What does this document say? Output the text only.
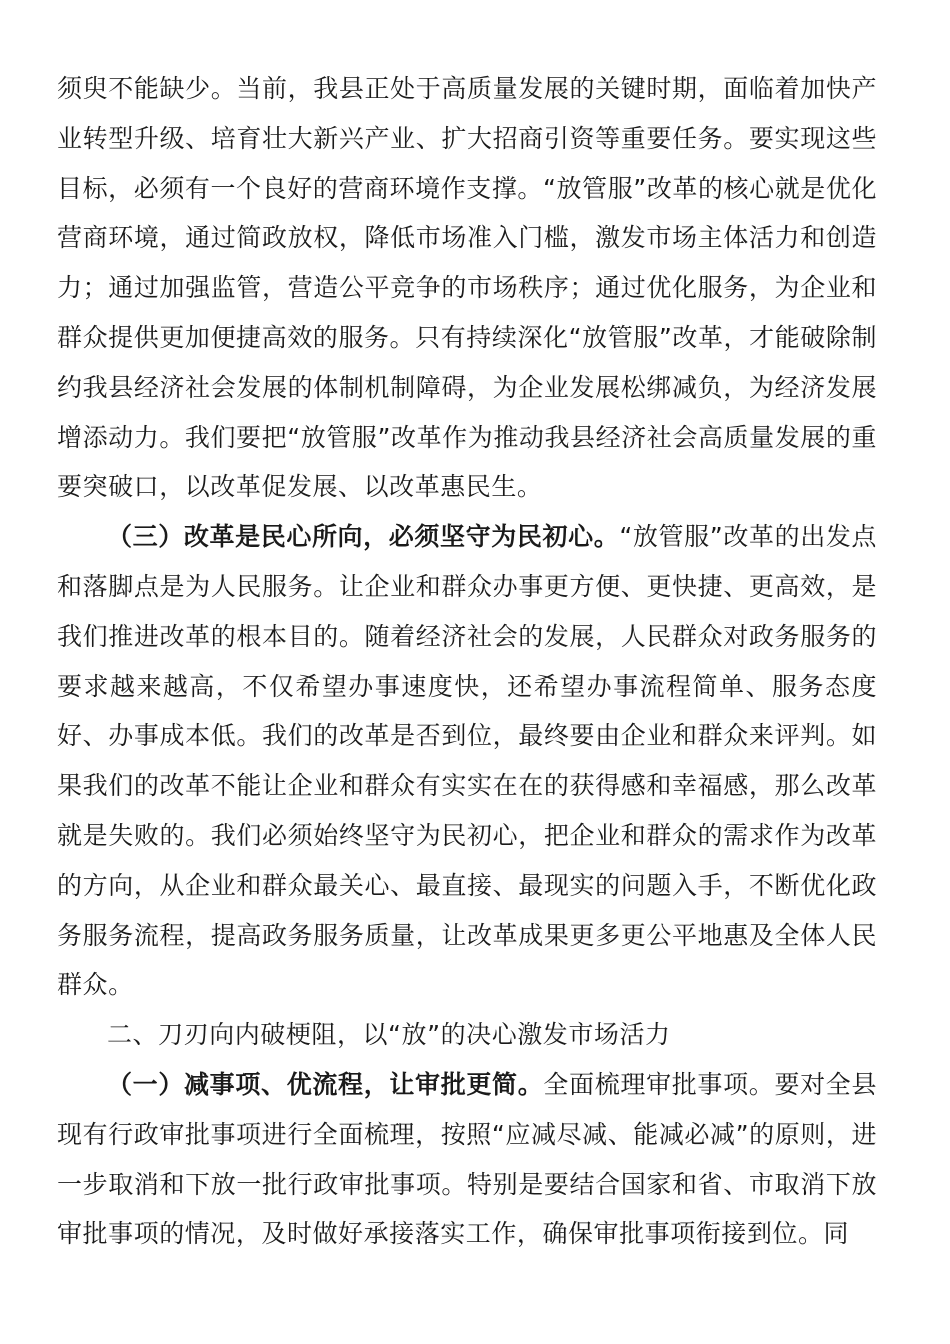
须臾不能缺少。当前，我县正处于高质量发展的关键时期，面临着加快产业转型升级、培育壮大新兴产业、扩大招商引资等重要任务。要实现这些目标，必须有一个良好的营商环境作支撑。“放管服”改革的核心就是优化营商环境，通过简政放权，降低市场准入门槛，激发市场主体活力和创造力；通过加强监管，营造公平竞争的市场秩序；通过优化服务，为企业和群众提供更加便捷高效的服务。只有持续深化“放管服”改革，才能破除制约我县经济社会发展的体制机制障碍，为企业发展松绑减负，为经济发展增添动力。我们要把“放管服”改革作为推动我县经济社会高质量发展的重要突破口，以改革促发展、以改革惠民生。

（三）改革是民心所向，必须坚守为民初心。“放管服”改革的出发点和落脚点是为人民服务。让企业和群众办事更方便、更快捷、更高效，是我们推进改革的根本目的。随着经济社会的发展，人民群众对政务服务的要求越来越高，不仅希望办事速度快，还希望办事流程简单、服务态度好、办事成本低。我们的改革是否到位，最终要由企业和群众来评判。如果我们的改革不能让企业和群众有实实在在的获得感和幸福感，那么改革就是失败的。我们必须始终坚守为民初心，把企业和群众的需求作为改革的方向，从企业和群众最关心、最直接、最现实的问题入手，不断优化政务服务流程，提高政务服务质量，让改革成果更多更公平地惠及全体人民群众。

二、刀刃向内破梗阻，以“放”的决心激发市场活力

（一）减事项、优流程，让审批更简。全面梳理审批事项。要对全县现有行政审批事项进行全面梳理，按照“应减尽减、能减必减”的原则，进一步取消和下放一批行政审批事项。特别是要结合国家和省、市取消下放审批事项的情况，及时做好承接落实工作，确保审批事项衔接到位。同
